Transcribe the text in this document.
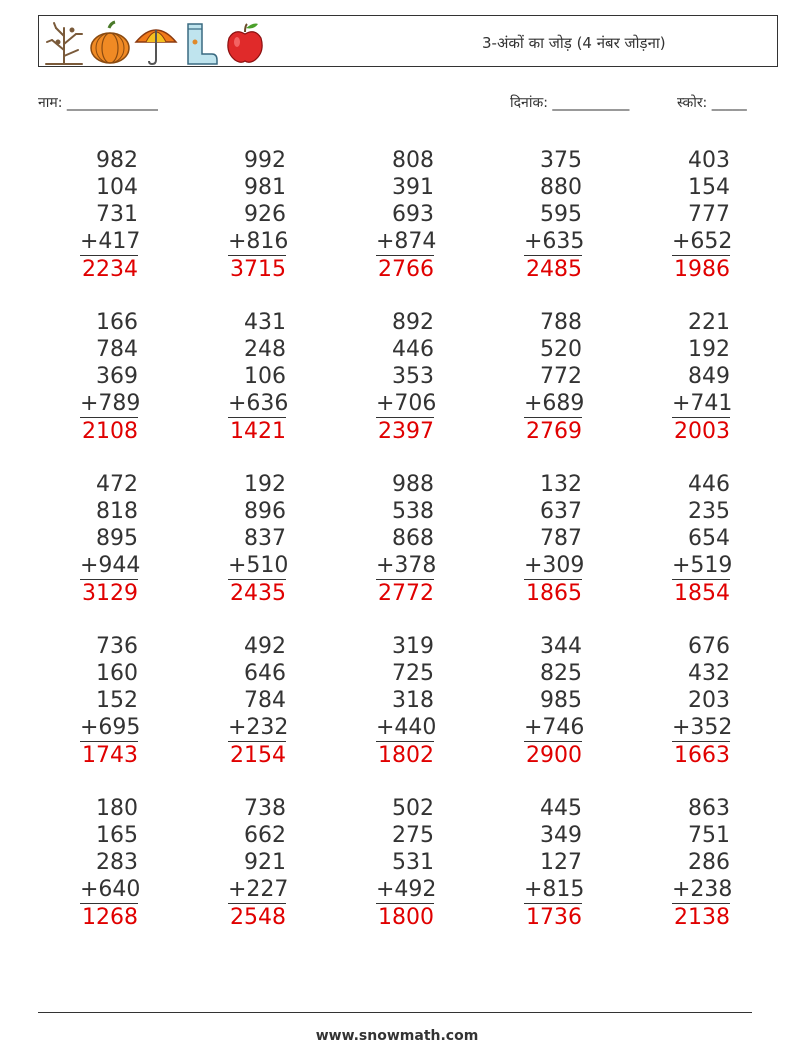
3-अंकों का जोड़ (4 नंबर जोड़ना)
नाम: _____________	दिनांक: ___________	स्कोर: _____
982
104
731
+417
2234
992
981
926
+816
3715
808
391
693
+874
2766
375
880
595
+635
2485
403
154
777
+652
1986
166
784
369
+789
2108
431
248
106
+636
1421
892
446
353
+706
2397
788
520
772
+689
2769
221
192
849
+741
2003
472
818
895
+944
3129
192
896
837
+510
2435
988
538
868
+378
2772
132
637
787
+309
1865
446
235
654
+519
1854
736
160
152
+695
1743
492
646
784
+232
2154
319
725
318
+440
1802
344
825
985
+746
2900
676
432
203
+352
1663
180
165
283
+640
1268
738
662
921
+227
2548
502
275
531
+492
1800
445
349
127
+815
1736
863
751
286
+238
2138
www.snowmath.com
